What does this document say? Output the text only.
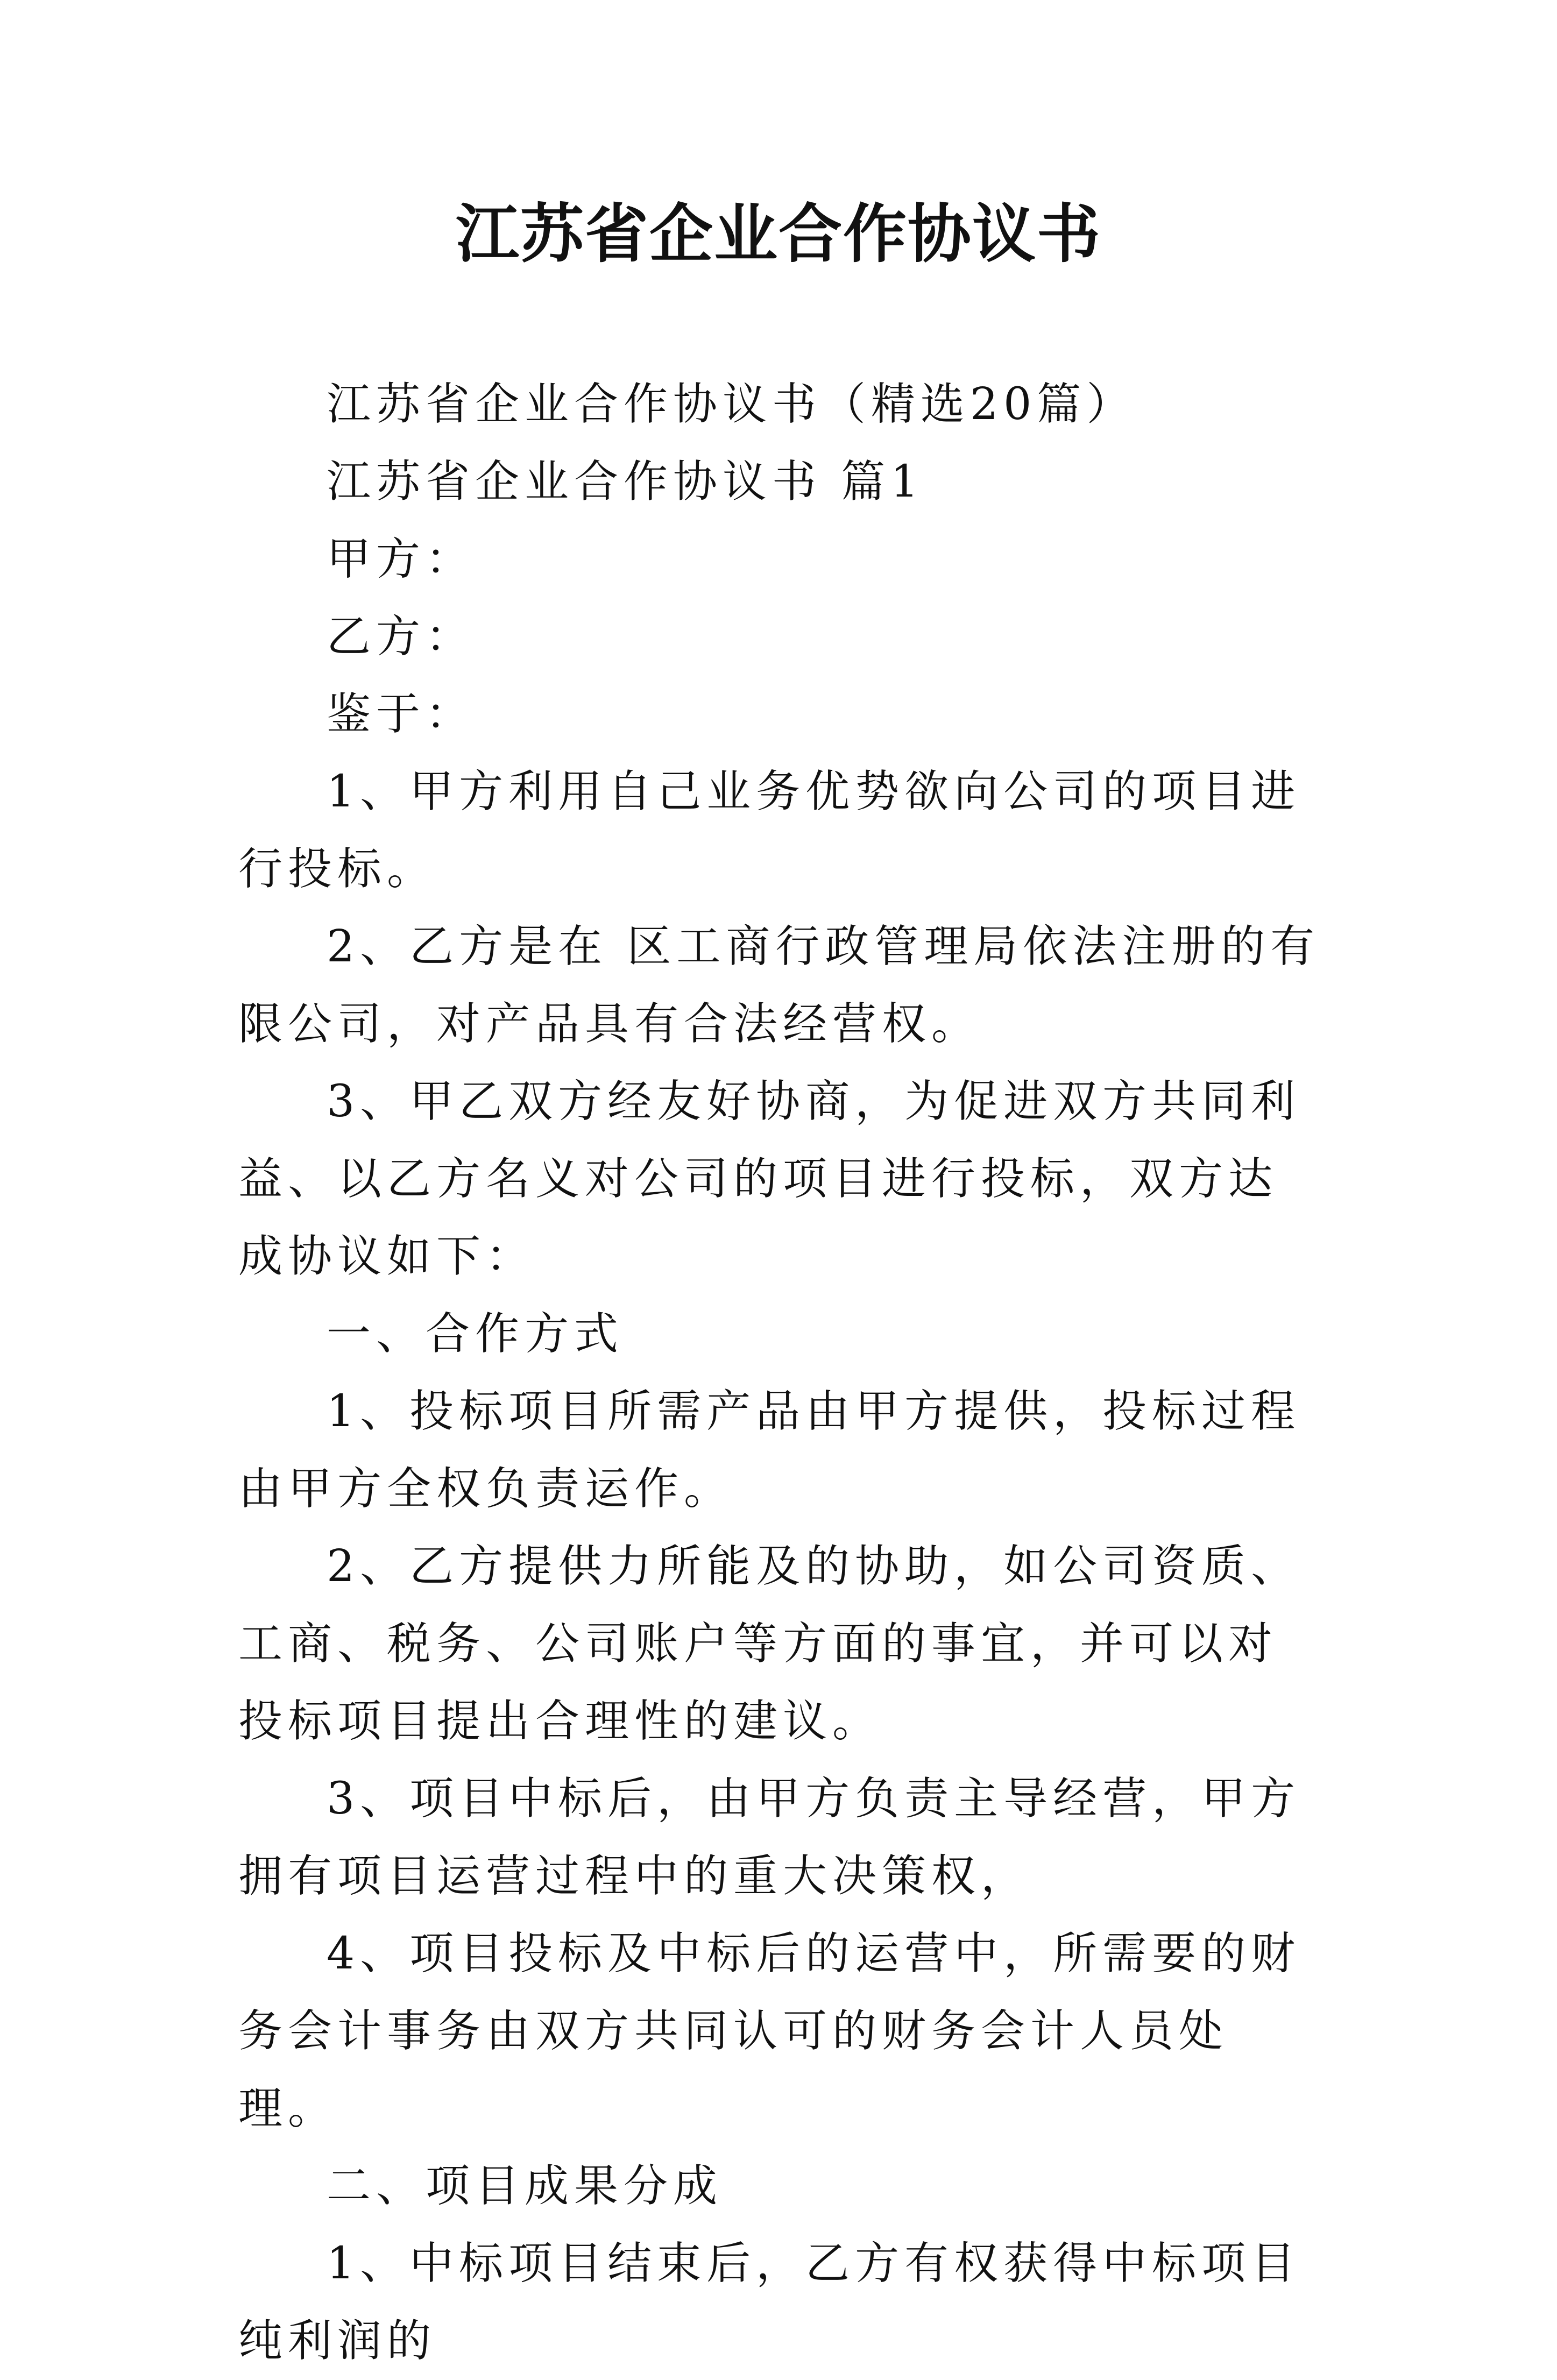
江苏省企业合作协议书

江苏省企业合作协议书（精选20篇）

江苏省企业合作协议书 篇1

甲方：

乙方：

鉴于：

1、甲方利用自己业务优势欲向公司的项目进行投标。

2、乙方是在 区工商行政管理局依法注册的有限公司，对产品具有合法经营权。

3、甲乙双方经友好协商，为促进双方共同利益、以乙方名义对公司的项目进行投标，双方达成协议如下：

一、合作方式

1、投标项目所需产品由甲方提供，投标过程由甲方全权负责运作。

2、乙方提供力所能及的协助，如公司资质、工商、税务、公司账户等方面的事宜，并可以对投标项目提出合理性的建议。

3、项目中标后，由甲方负责主导经营，甲方拥有项目运营过程中的重大决策权，

4、项目投标及中标后的运营中，所需要的财务会计事务由双方共同认可的财务会计人员处理。

二、项目成果分成

1、中标项目结束后，乙方有权获得中标项目纯利润的
